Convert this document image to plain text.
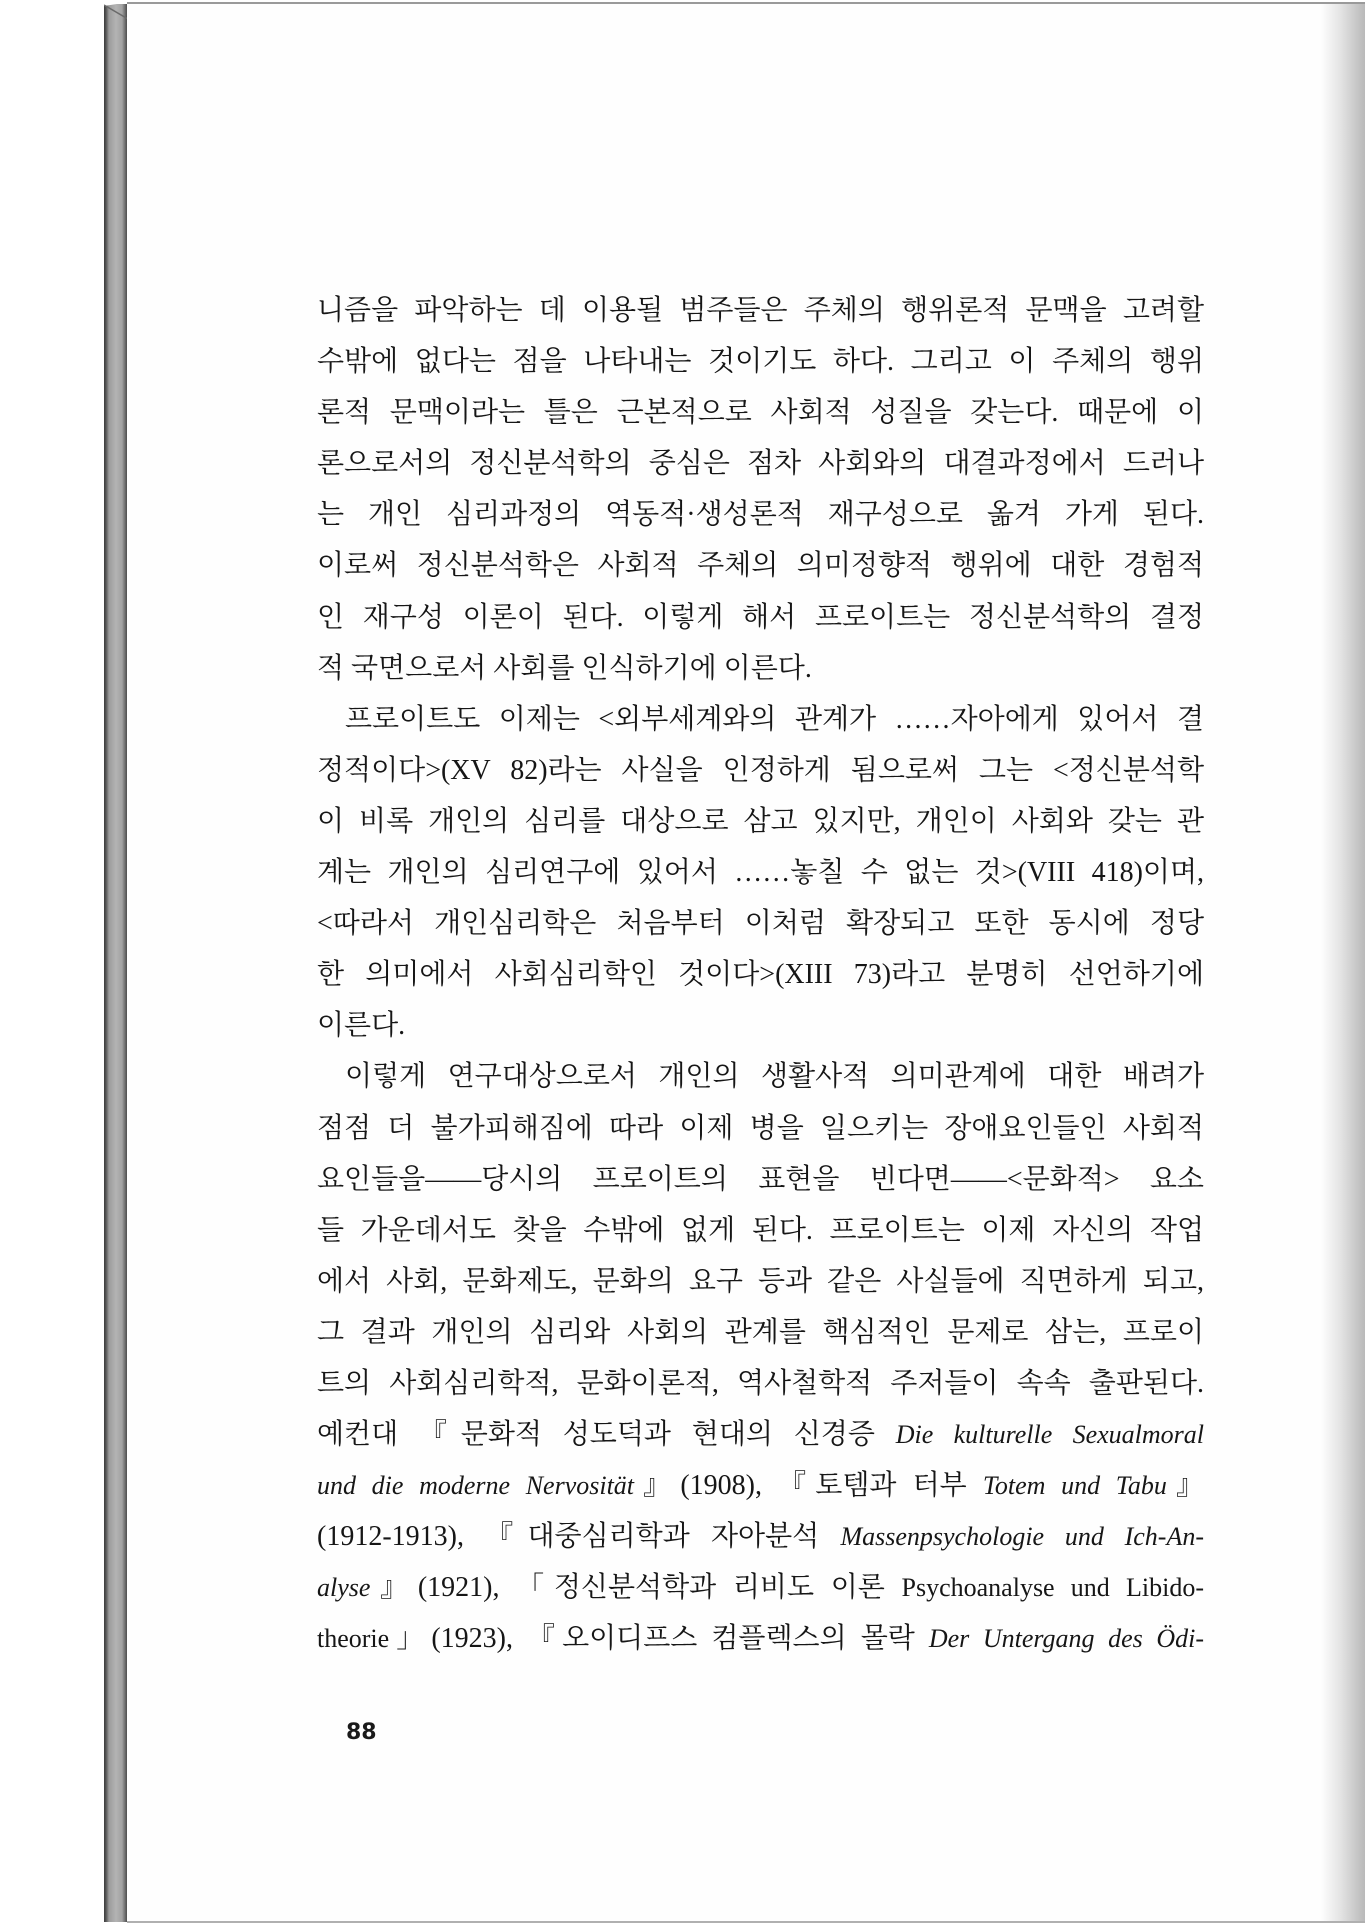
니즘을 파악하는 데 이용될 범주들은 주체의 행위론적 문맥을 고려할
수밖에 없다는 점을 나타내는 것이기도 하다. 그리고 이 주체의 행위
론적 문맥이라는 틀은 근본적으로 사회적 성질을 갖는다. 때문에 이
론으로서의 정신분석학의 중심은 점차 사회와의 대결과정에서 드러나
는 개인 심리과정의 역동적·생성론적 재구성으로 옮겨 가게 된다.
이로써 정신분석학은 사회적 주체의 의미정향적 행위에 대한 경험적
인 재구성 이론이 된다. 이렇게 해서 프로이트는 정신분석학의 결정
적 국면으로서 사회를 인식하기에 이른다.
프로이트도 이제는 <외부세계와의 관계가 ……자아에게 있어서 결
정적이다>(XV 82)라는 사실을 인정하게 됨으로써 그는 <정신분석학
이 비록 개인의 심리를 대상으로 삼고 있지만, 개인이 사회와 갖는 관
계는 개인의 심리연구에 있어서 ……놓칠 수 없는 것>(VIII 418)이며,
<따라서 개인심리학은 처음부터 이처럼 확장되고 또한 동시에 정당
한 의미에서 사회심리학인 것이다>(XIII 73)라고 분명히 선언하기에
이른다.
이렇게 연구대상으로서 개인의 생활사적 의미관계에 대한 배려가
점점 더 불가피해짐에 따라 이제 병을 일으키는 장애요인들인 사회적
요인들을——당시의 프로이트의 표현을 빈다면——<문화적> 요소
들 가운데서도 찾을 수밖에 없게 된다. 프로이트는 이제 자신의 작업
에서 사회, 문화제도, 문화의 요구 등과 같은 사실들에 직면하게 되고,
그 결과 개인의 심리와 사회의 관계를 핵심적인 문제로 삼는, 프로이
트의 사회심리학적, 문화이론적, 역사철학적 주저들이 속속 출판된다.
예컨대 『문화적 성도덕과 현대의 신경증 Die kulturelle Sexualmoral
und die moderne Nervosität』(1908), 『토템과 터부 Totem und Tabu』
(1912-1913), 『대중심리학과 자아분석 Massenpsychologie und Ich-An-
alyse』(1921), 「정신분석학과 리비도 이론 Psychoanalyse und Libido-
theorie」(1923), 『오이디프스 컴플렉스의 몰락 Der Untergang des Ödi-
88
